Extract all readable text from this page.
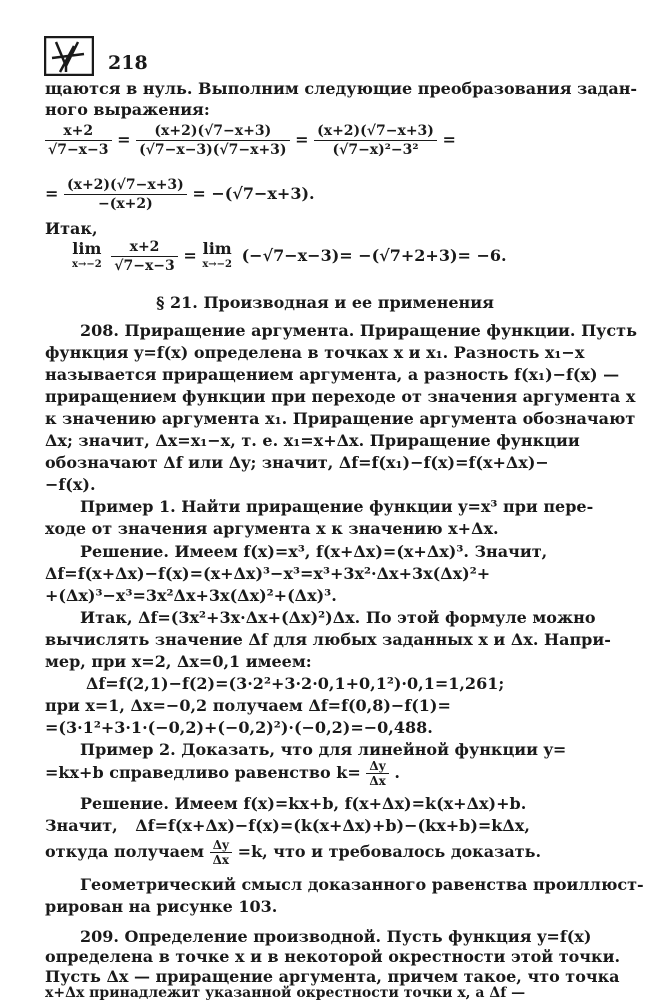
218
щаются в нуль. Выполним следующие преобразования задан-
ного выражения:
$\frac{x+2}{√7-x-3} = \frac{(x+2)(√7-x+3)}{(√7-x-3)(√7-x+3)} = \frac{(x+2)(√7-x+3)}{\text{(√7−x)²−3²}}$ =
= $\frac{(x+2)(√7-x+3)}{-(x+2)} = -(√7-x+3)$.
Итак,
lim
x→−2
$\frac{x+2}{√7-x-3} = \lim$
x→−2 (−√7−x−3)= −(√7+2+3)= −6.
§ 21. Производная и ее применения
208. Приращение аргумента. Приращение функции. Пусть
функция y=f(x) определена в точках x и x₁. Разность x₁−x
называется приращением аргумента, а разность f(x₁)−f(x) —
приращением функции при переходе от значения аргумента x
к значению аргумента x₁. Приращение аргумента обозначают
Δx; значит, Δx=x₁−x, т. е. x₁=x+Δx. Приращение функции
обозначают Δf или Δy; значит, Δf=f(x₁)−f(x)=f(x+Δx)−
−f(x).
Пример 1. Найти приращение функции y=x³ при пере-
ходе от значения аргумента x к значению x+Δx.
Решение. Имеем f(x)=x³, f(x+Δx)=(x+Δx)³. Значит,
Δf=f(x+Δx)−f(x)=(x+Δx)³−x³=x³+3x²·Δx+3x(Δx)²+
+(Δx)³−x³=3x²Δx+3x(Δx)²+(Δx)³.
Итак, Δf=(3x²+3x·Δx+(Δx)²)Δx. По этой формуле можно
вычислять значение Δf для любых заданных x и Δx. Напри-
мер, при x=2, Δx=0,1 имеем:
Δf=f(2,1)−f(2)=(3·2²+3·2·0,1+0,1²)·0,1=1,261;
при x=1, Δx=−0,2 получаем Δf=f(0,8)−f(1)=
=(3·1²+3·1·(−0,2)+(−0,2)²)·(−0,2)=−0,488.
Пример 2. Доказать, что для линейной функции y=
=kx+b справедливо равенство $k= \frac{\Delta y}{\Delta x}$ .
Решение. Имеем f(x)=kx+b, f(x+Δx)=k(x+Δx)+b.
Значит, Δf=f(x+Δx)−f(x)=(k(x+Δx)+b)−(kx+b)=kΔx,
откуда получаем $\frac{\Delta y}{\Delta x} =k$, что и требовалось доказать.
Геометрический смысл доказанного равенства проиллюст-
рирован на рисунке 103.
209. Определение производной. Пусть функция y=f(x)
определена в точке x и в некоторой окрестности этой точки.
Пусть Δx — приращение аргумента, причем такое, что точка
x+Δx принадлежит указанной окрестности точки x, а Δf —
